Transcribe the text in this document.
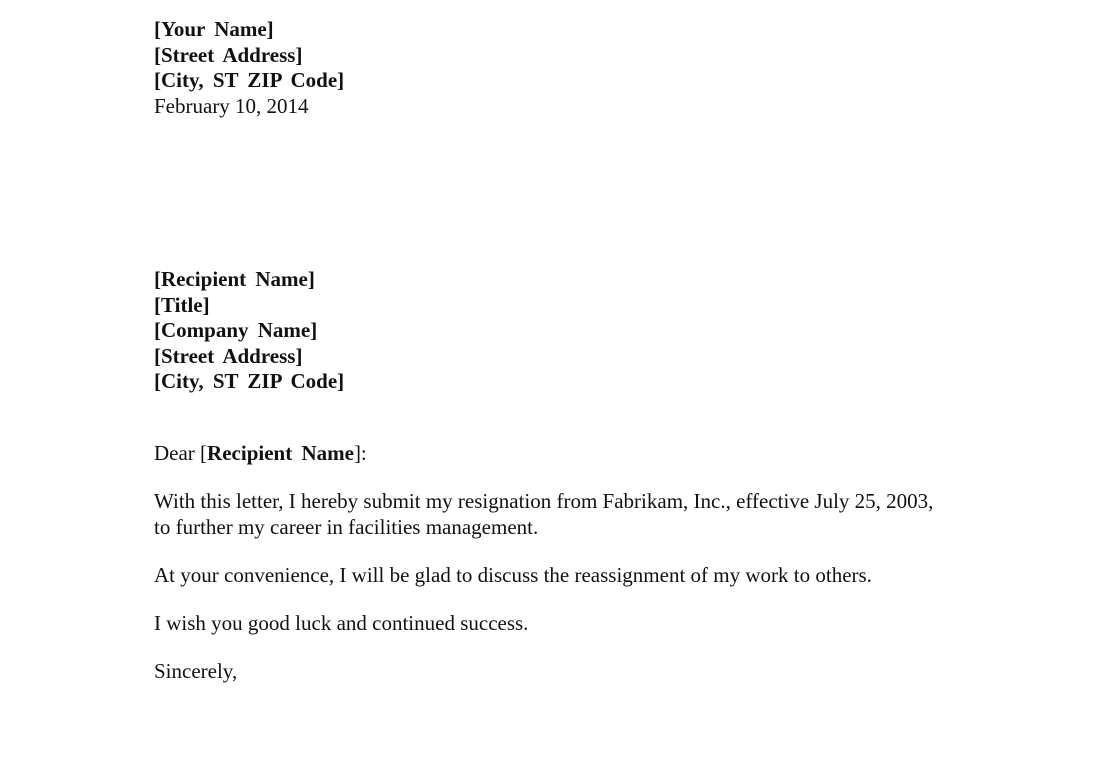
[Your Name]
[Street Address]
[City, ST ZIP Code]
February 10, 2014
[Recipient Name]
[Title]
[Company Name]
[Street Address]
[City, ST ZIP Code]
Dear [Recipient Name]:
With this letter, I hereby submit my resignation from Fabrikam, Inc., effective July 25, 2003, to further my career in facilities management.
At your convenience, I will be glad to discuss the reassignment of my work to others.
I wish you good luck and continued success.
Sincerely,
